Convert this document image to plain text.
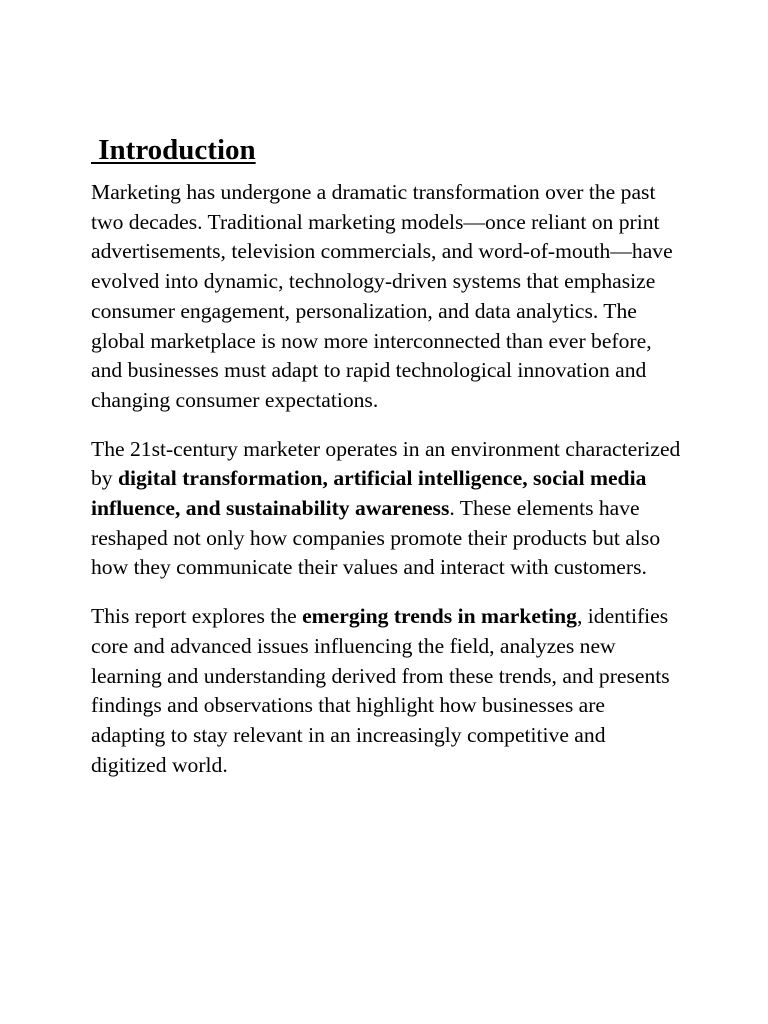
Introduction

Marketing has undergone a dramatic transformation over the past two decades. Traditional marketing models—once reliant on print advertisements, television commercials, and word-of-mouth—have evolved into dynamic, technology-driven systems that emphasize consumer engagement, personalization, and data analytics. The global marketplace is now more interconnected than ever before, and businesses must adapt to rapid technological innovation and changing consumer expectations.

The 21st-century marketer operates in an environment characterized by digital transformation, artificial intelligence, social media influence, and sustainability awareness. These elements have reshaped not only how companies promote their products but also how they communicate their values and interact with customers.

This report explores the emerging trends in marketing, identifies core and advanced issues influencing the field, analyzes new learning and understanding derived from these trends, and presents findings and observations that highlight how businesses are adapting to stay relevant in an increasingly competitive and digitized world.
